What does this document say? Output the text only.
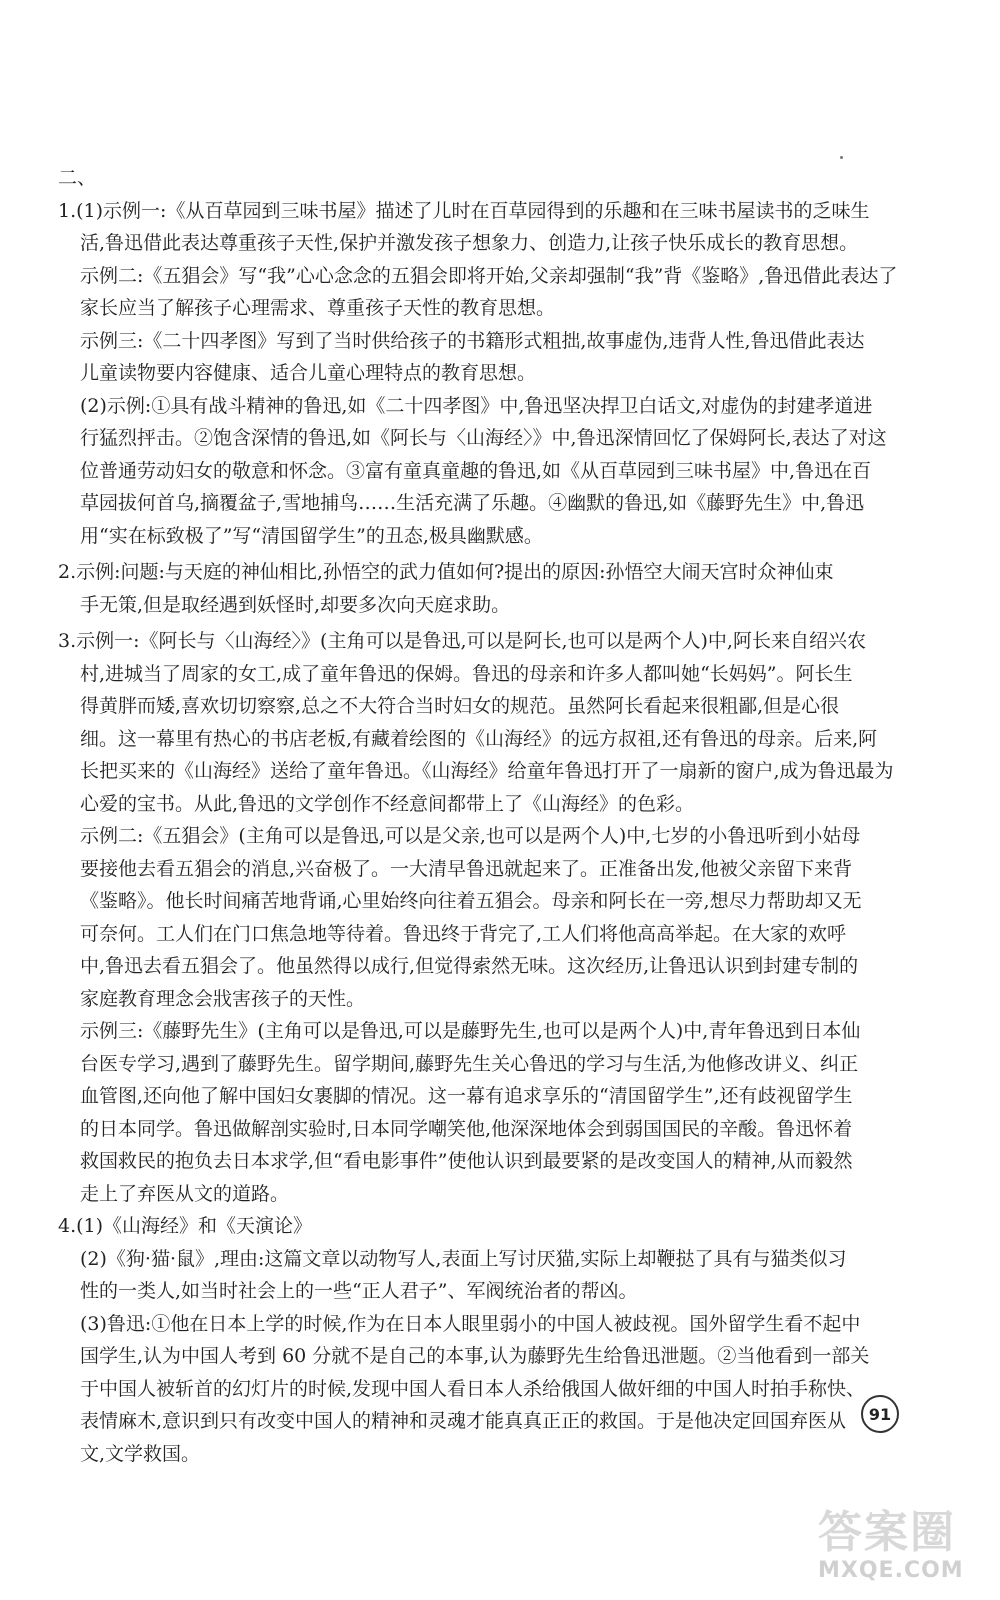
二、
1.(1)示例一:《从百草园到三味书屋》描述了儿时在百草园得到的乐趣和在三味书屋读书的乏味生
活,鲁迅借此表达尊重孩子天性,保护并激发孩子想象力、创造力,让孩子快乐成长的教育思想。
示例二:《五猖会》写“我”心心念念的五猖会即将开始,父亲却强制“我”背《鉴略》,鲁迅借此表达了
家长应当了解孩子心理需求、尊重孩子天性的教育思想。
示例三:《二十四孝图》写到了当时供给孩子的书籍形式粗拙,故事虚伪,违背人性,鲁迅借此表达
儿童读物要内容健康、适合儿童心理特点的教育思想。
(2)示例:①具有战斗精神的鲁迅,如《二十四孝图》中,鲁迅坚决捍卫白话文,对虚伪的封建孝道进
行猛烈抨击。②饱含深情的鲁迅,如《阿长与〈山海经〉》中,鲁迅深情回忆了保姆阿长,表达了对这
位普通劳动妇女的敬意和怀念。③富有童真童趣的鲁迅,如《从百草园到三味书屋》中,鲁迅在百
草园拔何首乌,摘覆盆子,雪地捕鸟……生活充满了乐趣。④幽默的鲁迅,如《藤野先生》中,鲁迅
用“实在标致极了”写“清国留学生”的丑态,极具幽默感。
2.示例:问题:与天庭的神仙相比,孙悟空的武力值如何?提出的原因:孙悟空大闹天宫时众神仙束
手无策,但是取经遇到妖怪时,却要多次向天庭求助。
3.示例一:《阿长与〈山海经〉》(主角可以是鲁迅,可以是阿长,也可以是两个人)中,阿长来自绍兴农
村,进城当了周家的女工,成了童年鲁迅的保姆。鲁迅的母亲和许多人都叫她“长妈妈”。阿长生
得黄胖而矮,喜欢切切察察,总之不大符合当时妇女的规范。虽然阿长看起来很粗鄙,但是心很
细。这一幕里有热心的书店老板,有藏着绘图的《山海经》的远方叔祖,还有鲁迅的母亲。后来,阿
长把买来的《山海经》送给了童年鲁迅。《山海经》给童年鲁迅打开了一扇新的窗户,成为鲁迅最为
心爱的宝书。从此,鲁迅的文学创作不经意间都带上了《山海经》的色彩。
示例二:《五猖会》(主角可以是鲁迅,可以是父亲,也可以是两个人)中,七岁的小鲁迅听到小姑母
要接他去看五猖会的消息,兴奋极了。一大清早鲁迅就起来了。正准备出发,他被父亲留下来背
《鉴略》。他长时间痛苦地背诵,心里始终向往着五猖会。母亲和阿长在一旁,想尽力帮助却又无
可奈何。工人们在门口焦急地等待着。鲁迅终于背完了,工人们将他高高举起。在大家的欢呼
中,鲁迅去看五猖会了。他虽然得以成行,但觉得索然无味。这次经历,让鲁迅认识到封建专制的
家庭教育理念会戕害孩子的天性。
示例三:《藤野先生》(主角可以是鲁迅,可以是藤野先生,也可以是两个人)中,青年鲁迅到日本仙
台医专学习,遇到了藤野先生。留学期间,藤野先生关心鲁迅的学习与生活,为他修改讲义、纠正
血管图,还向他了解中国妇女裹脚的情况。这一幕有追求享乐的“清国留学生”,还有歧视留学生
的日本同学。鲁迅做解剖实验时,日本同学嘲笑他,他深深地体会到弱国国民的辛酸。鲁迅怀着
救国救民的抱负去日本求学,但“看电影事件”使他认识到最要紧的是改变国人的精神,从而毅然
走上了弃医从文的道路。
4.(1)《山海经》和《天演论》
(2)《狗·猫·鼠》,理由:这篇文章以动物写人,表面上写讨厌猫,实际上却鞭挞了具有与猫类似习
性的一类人,如当时社会上的一些“正人君子”、军阀统治者的帮凶。
(3)鲁迅:①他在日本上学的时候,作为在日本人眼里弱小的中国人被歧视。国外留学生看不起中
国学生,认为中国人考到 60 分就不是自己的本事,认为藤野先生给鲁迅泄题。②当他看到一部关
于中国人被斩首的幻灯片的时候,发现中国人看日本人杀给俄国人做奸细的中国人时拍手称快、
表情麻木,意识到只有改变中国人的精神和灵魂才能真真正正的救国。于是他决定回国弃医从
文,文学救国。
91
答案圈
MXQE.COM
